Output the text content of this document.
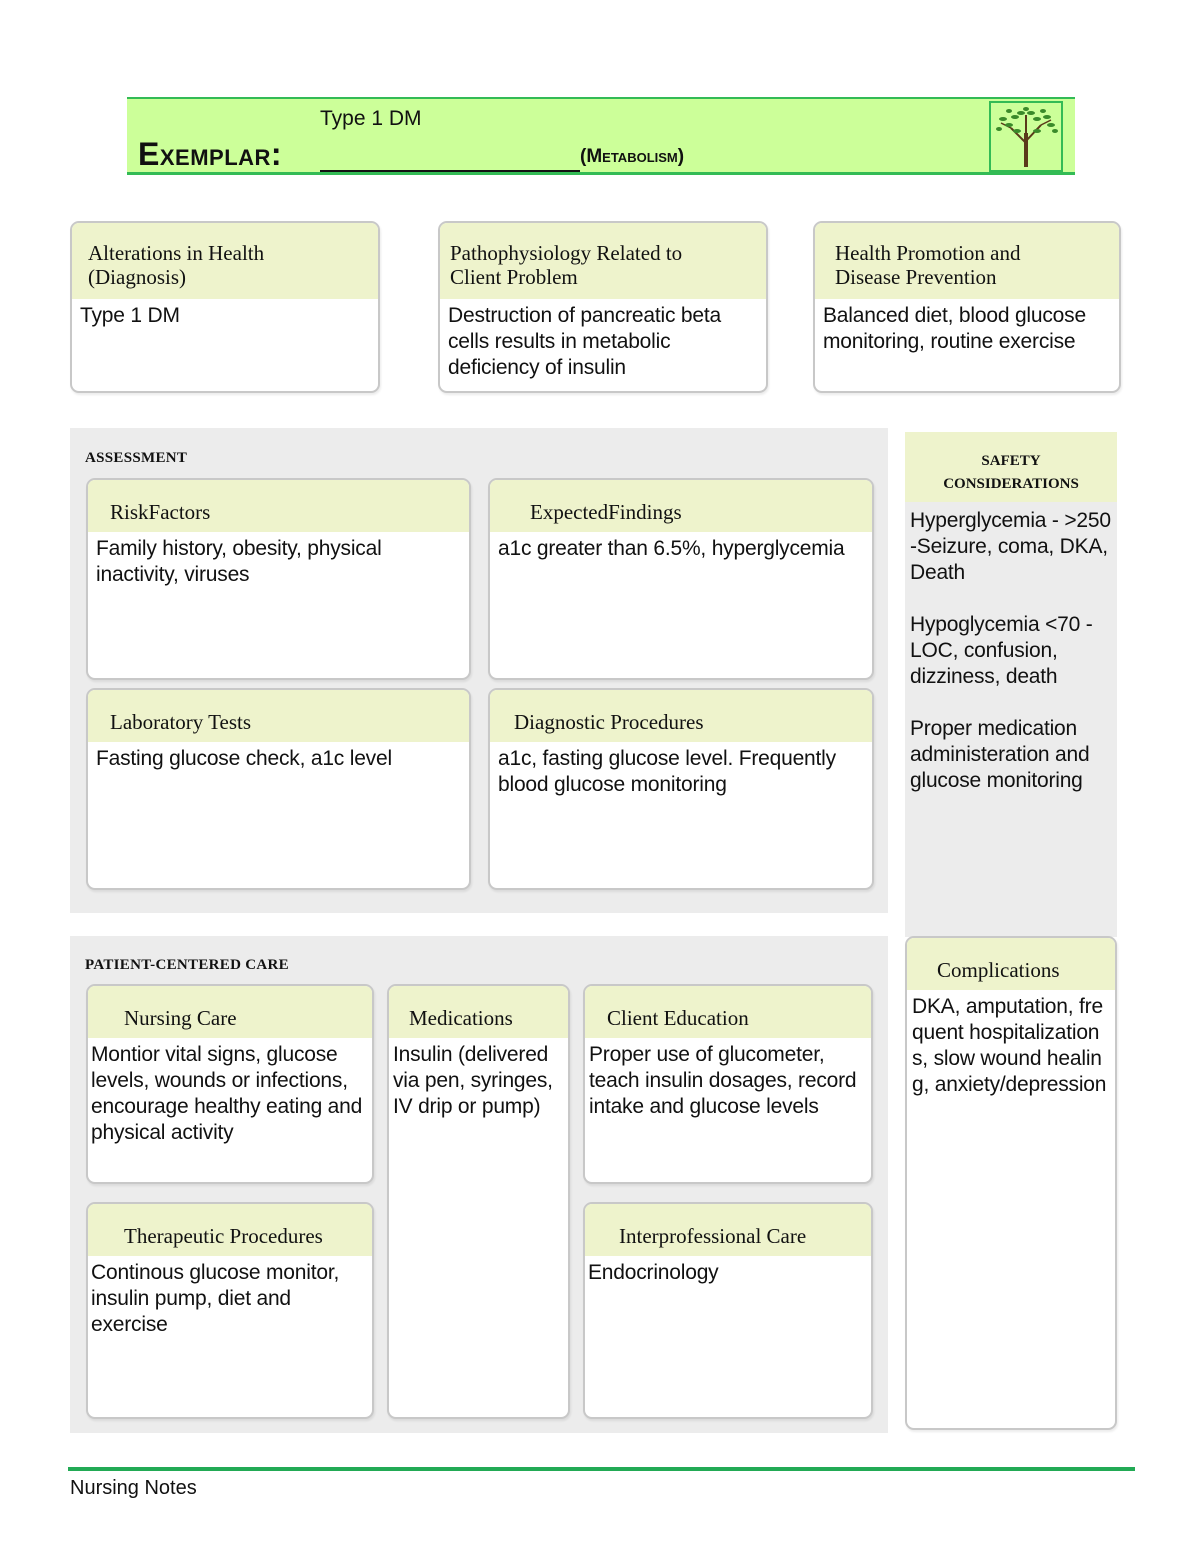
Type 1 DM
Exemplar:	(Metabolism)
Alterations in Health (Diagnosis)
Type 1 DM
Pathophysiology Related to Client Problem
Destruction of pancreatic beta cells results in metabolic deficiency of insulin
Health Promotion and Disease Prevention
Balanced diet, blood glucose monitoring, routine exercise
ASSESSMENT
RiskFactors
Family history, obesity, physical inactivity, viruses
ExpectedFindings
a1c greater than 6.5%, hyperglycemia
Laboratory Tests
Fasting glucose check, a1c level
Diagnostic Procedures
a1c, fasting glucose level. Frequently blood glucose monitoring
SAFETY CONSIDERATIONS
Hyperglycemia - >250
-Seizure, coma, DKA, Death
Hypoglycemia <70 -LOC, confusion, dizziness, death
Proper medication administeration and glucose monitoring
PATIENT-CENTERED CARE
Nursing Care
Montior vital signs, glucose levels, wounds or infections, encourage healthy eating and physical activity
Medications
Insulin (delivered via pen, syringes, IV drip or pump)
Client Education
Proper use of glucometer, teach insulin dosages, record intake and glucose levels
Therapeutic Procedures
Continous glucose monitor, insulin pump, diet and exercise
Interprofessional Care
Endocrinology
Complications
DKA, amputation, frequent hospitalizations, slow wound healing, anxiety/depression
Nursing Notes
